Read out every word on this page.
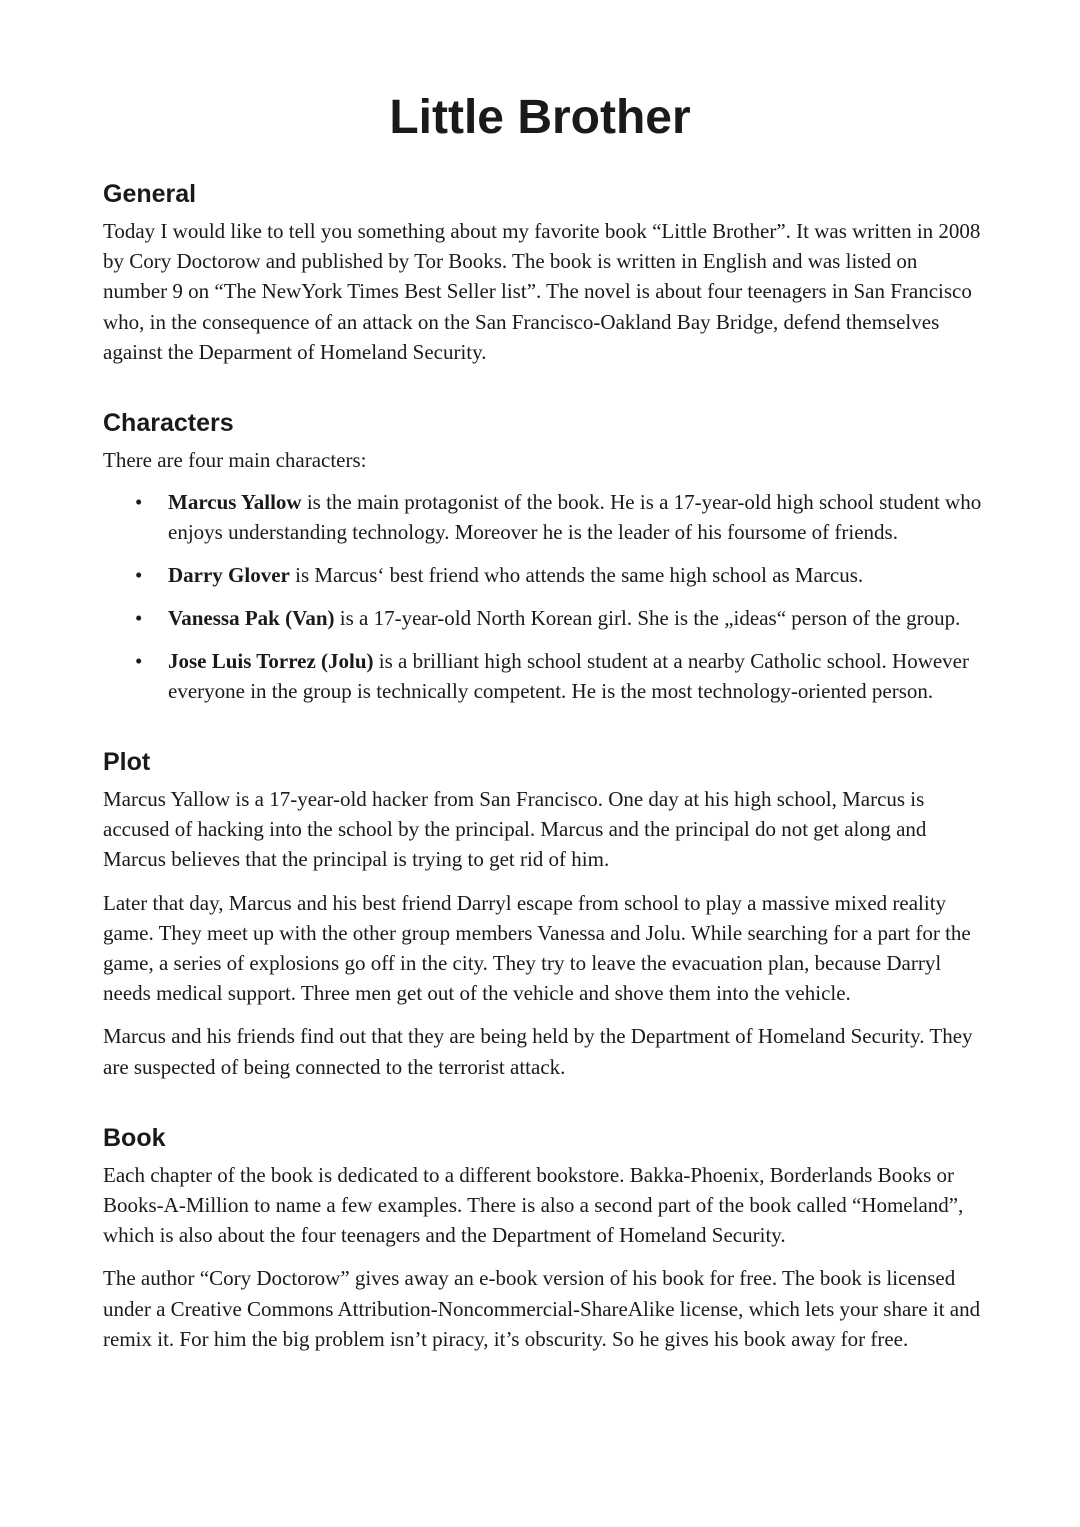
Little Brother
General

Today I would like to tell you something about my favorite book “Little Brother”. It was written in 2008 by Cory Doctorow and published by Tor Books. The book is written in English and was listed on number 9 on “The NewYork Times Best Seller list”. The novel is about four teenagers in San Francisco who, in the consequence of an attack on the San Francisco-Oakland Bay Bridge, defend themselves against the Deparment of Homeland Security.

Characters

There are four main characters:

• Marcus Yallow is the main protagonist of the book. He is a 17-year-old high school student who enjoys understanding technology. Moreover he is the leader of his foursome of friends.
• Darry Glover is Marcus‘ best friend who attends the same high school as Marcus.
• Vanessa Pak (Van) is a 17-year-old North Korean girl. She is the „ideas“ person of the group.
• Jose Luis Torrez (Jolu) is a brilliant high school student at a nearby Catholic school. However everyone in the group is technically competent. He is the most technology-oriented person.
Plot

Marcus Yallow is a 17-year-old hacker from San Francisco. One day at his high school, Marcus is accused of hacking into the school by the principal. Marcus and the principal do not get along and Marcus believes that the principal is trying to get rid of him.

Later that day, Marcus and his best friend Darryl escape from school to play a massive mixed reality game. They meet up with the other group members Vanessa and Jolu. While searching for a part for the game, a series of explosions go off in the city. They try to leave the evacuation plan, because Darryl needs medical support. Three men get out of the vehicle and shove them into the vehicle.

Marcus and his friends find out that they are being held by the Department of Homeland Security. They are suspected of being connected to the terrorist attack.

Book

Each chapter of the book is dedicated to a different bookstore. Bakka-Phoenix, Borderlands Books or Books-A-Million to name a few examples. There is also a second part of the book called “Homeland”, which is also about the four teenagers and the Department of Homeland Security.

The author “Cory Doctorow” gives away an e-book version of his book for free. The book is licensed under a Creative Commons Attribution-Noncommercial-ShareAlike license, which lets your share it and remix it. For him the big problem isn’t piracy, it’s obscurity. So he gives his book away for free.
